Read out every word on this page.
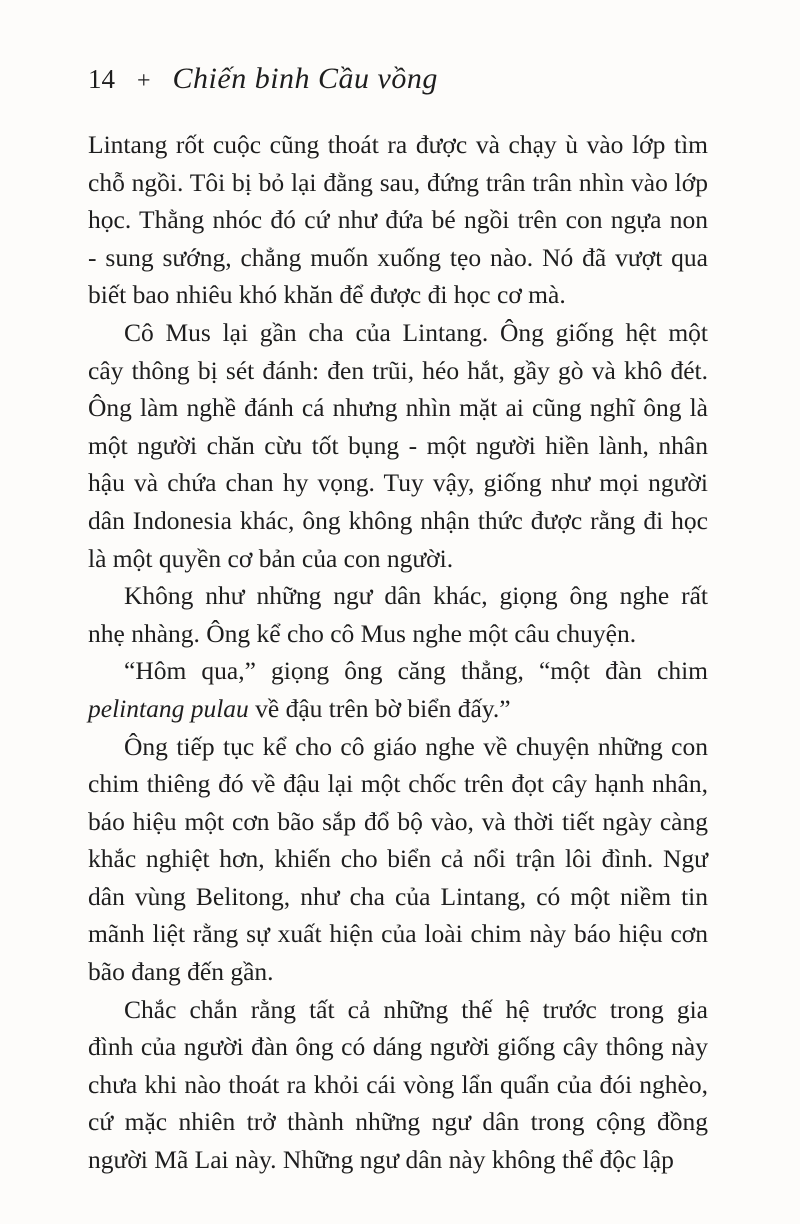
14 + Chiến binh Cầu vồng
Lintang rốt cuộc cũng thoát ra được và chạy ù vào lớp tìm
chỗ ngồi. Tôi bị bỏ lại đằng sau, đứng trân trân nhìn vào lớp
học. Thằng nhóc đó cứ như đứa bé ngồi trên con ngựa non
- sung sướng, chẳng muốn xuống tẹo nào. Nó đã vượt qua
biết bao nhiêu khó khăn để được đi học cơ mà.
Cô Mus lại gần cha của Lintang. Ông giống hệt một
cây thông bị sét đánh: đen trũi, héo hắt, gầy gò và khô đét.
Ông làm nghề đánh cá nhưng nhìn mặt ai cũng nghĩ ông là
một người chăn cừu tốt bụng - một người hiền lành, nhân
hậu và chứa chan hy vọng. Tuy vậy, giống như mọi người
dân Indonesia khác, ông không nhận thức được rằng đi học
là một quyền cơ bản của con người.
Không như những ngư dân khác, giọng ông nghe rất
nhẹ nhàng. Ông kể cho cô Mus nghe một câu chuyện.
“Hôm qua,” giọng ông căng thẳng, “một đàn chim
pelintang pulau về đậu trên bờ biển đấy.”
Ông tiếp tục kể cho cô giáo nghe về chuyện những con
chim thiêng đó về đậu lại một chốc trên đọt cây hạnh nhân,
báo hiệu một cơn bão sắp đổ bộ vào, và thời tiết ngày càng
khắc nghiệt hơn, khiến cho biển cả nổi trận lôi đình. Ngư
dân vùng Belitong, như cha của Lintang, có một niềm tin
mãnh liệt rằng sự xuất hiện của loài chim này báo hiệu cơn
bão đang đến gần.
Chắc chắn rằng tất cả những thế hệ trước trong gia
đình của người đàn ông có dáng người giống cây thông này
chưa khi nào thoát ra khỏi cái vòng lẩn quẩn của đói nghèo,
cứ mặc nhiên trở thành những ngư dân trong cộng đồng
người Mã Lai này. Những ngư dân này không thể độc lập
